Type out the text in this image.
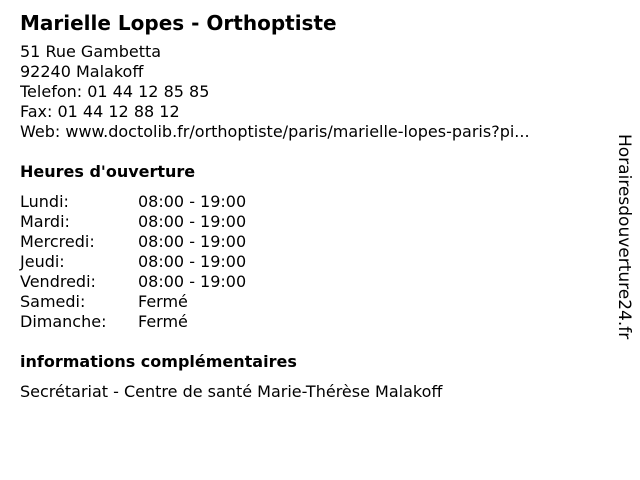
Marielle Lopes - Orthoptiste
51 Rue Gambetta
92240 Malakoff
Telefon: 01 44 12 85 85
Fax: 01 44 12 88 12
Web: www.doctolib.fr/orthoptiste/paris/marielle-lopes-paris?pi...
Heures d'ouverture
Lundi:	08:00 - 19:00
Mardi:	08:00 - 19:00
Mercredi:	08:00 - 19:00
Jeudi:	08:00 - 19:00
Vendredi:	08:00 - 19:00
Samedi:	Fermé
Dimanche:	Fermé
informations complémentaires
Secrétariat - Centre de santé Marie-Thérèse Malakoff
Horairesdouverture24.fr
